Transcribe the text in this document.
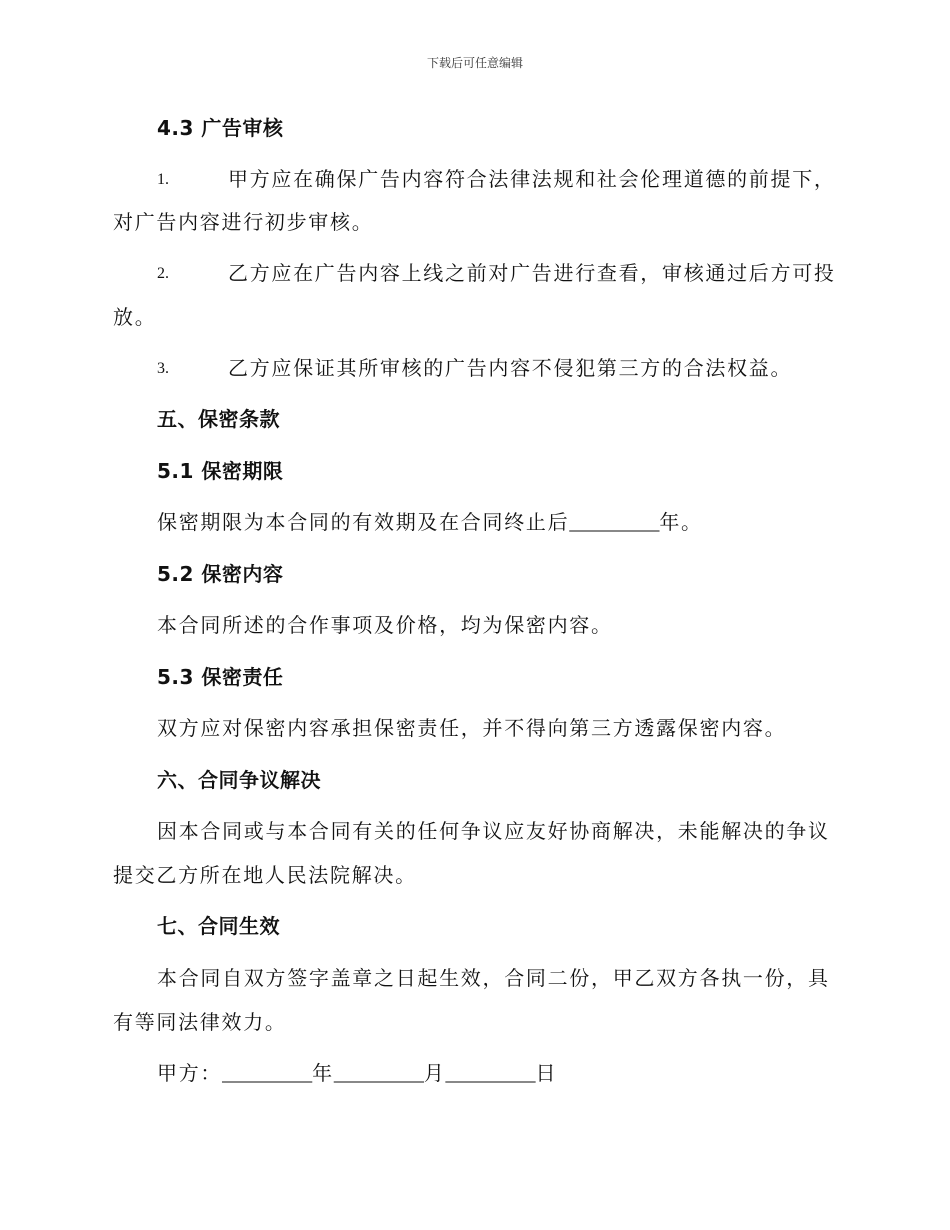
下载后可任意编辑
4.3 广告审核
1.	甲方应在确保广告内容符合法律法规和社会伦理道德的前提下，
对广告内容进行初步审核。
2.	乙方应在广告内容上线之前对广告进行查看，审核通过后方可投
放。
3.	乙方应保证其所审核的广告内容不侵犯第三方的合法权益。
五、保密条款
5.1 保密期限
保密期限为本合同的有效期及在合同终止后_________年。
5.2 保密内容
本合同所述的合作事项及价格，均为保密内容。
5.3 保密责任
双方应对保密内容承担保密责任，并不得向第三方透露保密内容。
六、合同争议解决
因本合同或与本合同有关的任何争议应友好协商解决，未能解决的争议
提交乙方所在地人民法院解决。
七、合同生效
本合同自双方签字盖章之日起生效，合同二份，甲乙双方各执一份，具
有等同法律效力。
甲方：_________年_________月_________日
